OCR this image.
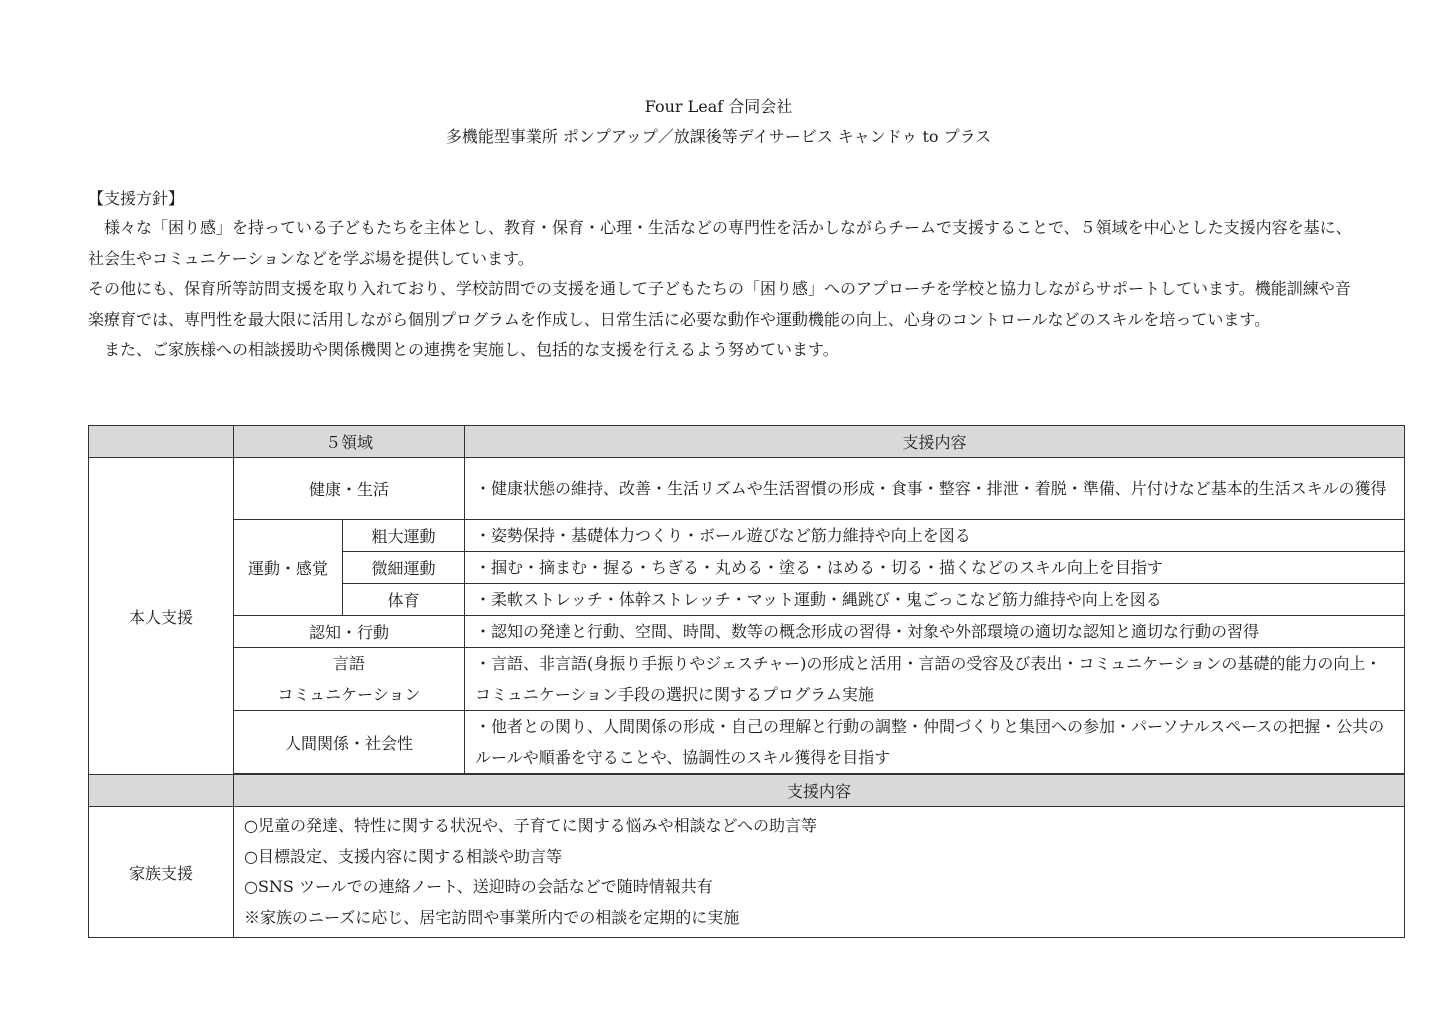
Four Leaf 合同会社
多機能型事業所 ポンプアップ／放課後等デイサービス キャンドゥ to プラス
【支援方針】

様々な「困り感」を持っている子どもたちを主体とし、教育・保育・心理・生活などの専門性を活かしながらチームで支援することで、５領域を中心とした支援内容を基に、社会生やコミュニケーションなどを学ぶ場を提供しています。

その他にも、保育所等訪問支援を取り入れており、学校訪問での支援を通して子どもたちの「困り感」へのアプローチを学校と協力しながらサポートしています。機能訓練や音楽療育では、専門性を最大限に活用しながら個別プログラムを作成し、日常生活に必要な動作や運動機能の向上、心身のコントロールなどのスキルを培っています。

また、ご家族様への相談援助や関係機関との連携を実施し、包括的な支援を行えるよう努めています。

	５領域		支援内容
本人支援	健康・生活		・健康状態の維持、改善・生活リズムや生活習慣の形成・食事・整容・排泄・着脱・準備、片付けなど基本的生活スキルの獲得
	運動・感覚	粗大運動	・姿勢保持・基礎体力つくり・ボール遊びなど筋力維持や向上を図る
		微細運動	・掴む・摘まむ・握る・ちぎる・丸める・塗る・はめる・切る・描くなどのスキル向上を目指す
		体育	・柔軟ストレッチ・体幹ストレッチ・マット運動・縄跳び・鬼ごっこなど筋力維持や向上を図る
	認知・行動		・認知の発達と行動、空間、時間、数等の概念形成の習得・対象や外部環境の適切な認知と適切な行動の習得

	言語
コミュニケーション		・言語、非言語(身振り手振りやジェスチャー)の形成と活用・言語の受容及び表出・コミュニケーションの基礎的能力の向上・コミュニケーション手段の選択に関するプログラム実施
	人間関係・社会性		・他者との関り、人間関係の形成・自己の理解と行動の調整・仲間づくりと集団への参加・パーソナルスペースの把握・公共のルールや順番を守ることや、協調性のスキル獲得を目指す

	支援内容		
家族支援	○児童の発達、特性に関する状況や、子育てに関する悩みや相談などへの助言等
○目標設定、支援内容に関する相談や助言等
○SNS ツールでの連絡ノート、送迎時の会話などで随時情報共有
※家族のニーズに応じ、居宅訪問や事業所内での相談を定期的に実施		
